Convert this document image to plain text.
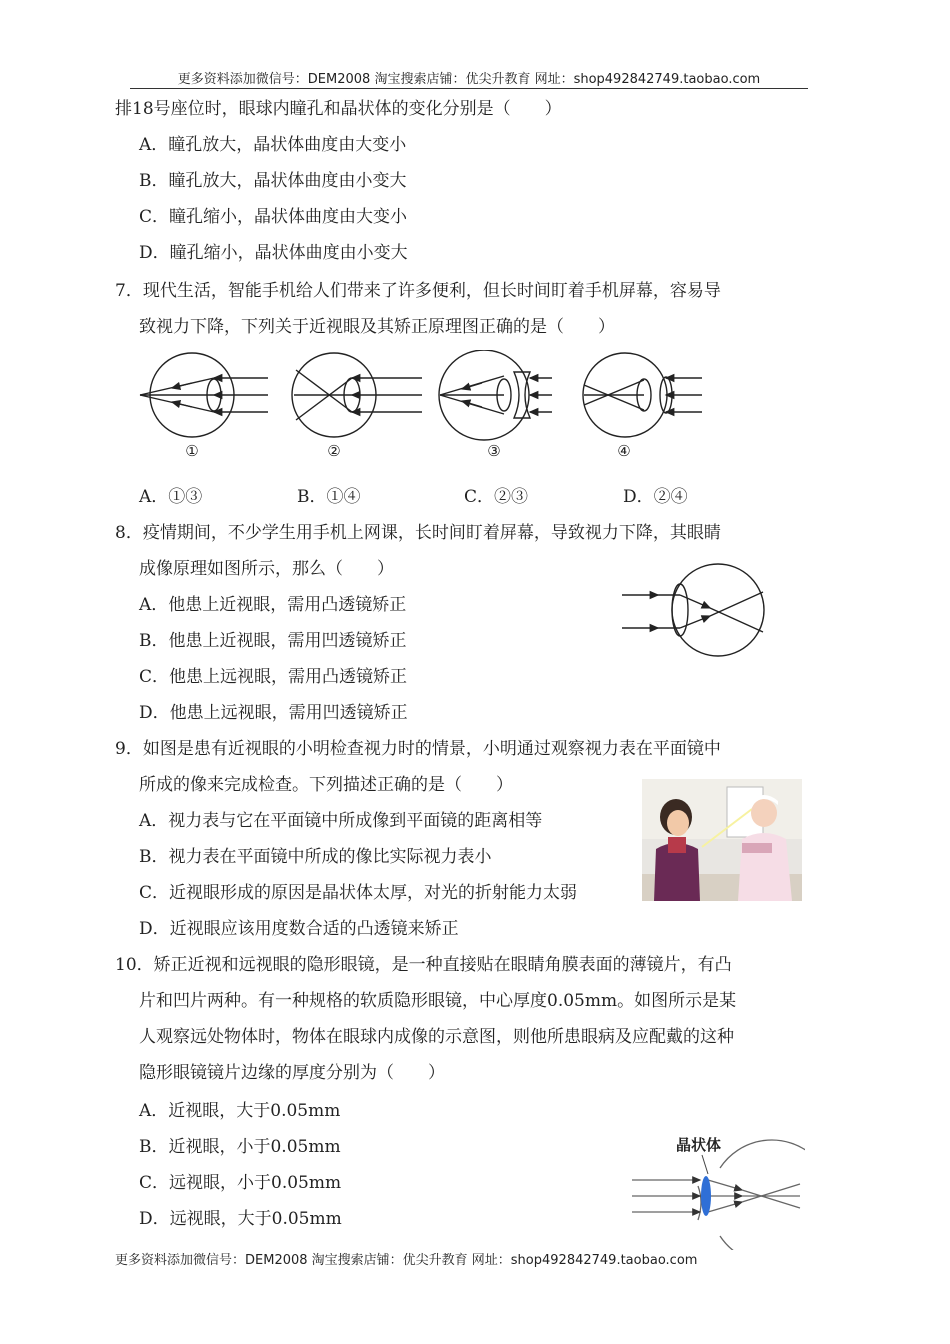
更多资料添加微信号：DEM2008 淘宝搜索店铺：优尖升教育 网址：shop492842749.taobao.com
排18号座位时，眼球内瞳孔和晶状体的变化分别是（　　）
A．瞳孔放大，晶状体曲度由大变小
B．瞳孔放大，晶状体曲度由小变大
C．瞳孔缩小，晶状体曲度由大变小
D．瞳孔缩小，晶状体曲度由小变大
7．现代生活，智能手机给人们带来了许多便利，但长时间盯着手机屏幕，容易导
致视力下降，下列关于近视眼及其矫正原理图正确的是（　　）
①	②	③	④
A．①③	B．①④	C．②③	D．②④
8．疫情期间，不少学生用手机上网课，长时间盯着屏幕，导致视力下降，其眼睛
成像原理如图所示，那么（　　）
A．他患上近视眼，需用凸透镜矫正
B．他患上近视眼，需用凹透镜矫正
C．他患上远视眼，需用凸透镜矫正
D．他患上远视眼，需用凹透镜矫正
9．如图是患有近视眼的小明检查视力时的情景，小明通过观察视力表在平面镜中
所成的像来完成检查。下列描述正确的是（　　）
A．视力表与它在平面镜中所成像到平面镜的距离相等
B．视力表在平面镜中所成的像比实际视力表小
C．近视眼形成的原因是晶状体太厚，对光的折射能力太弱
D．近视眼应该用度数合适的凸透镜来矫正
10．矫正近视和远视眼的隐形眼镜，是一种直接贴在眼睛角膜表面的薄镜片，有凸
片和凹片两种。有一种规格的软质隐形眼镜，中心厚度0.05mm。如图所示是某
人观察远处物体时，物体在眼球内成像的示意图，则他所患眼病及应配戴的这种
隐形眼镜镜片边缘的厚度分别为（　　）
A．近视眼，大于0.05mm
B．近视眼，小于0.05mm
C．远视眼，小于0.05mm
D．远视眼，大于0.05mm
晶状体
更多资料添加微信号：DEM2008 淘宝搜索店铺：优尖升教育 网址：shop492842749.taobao.com
